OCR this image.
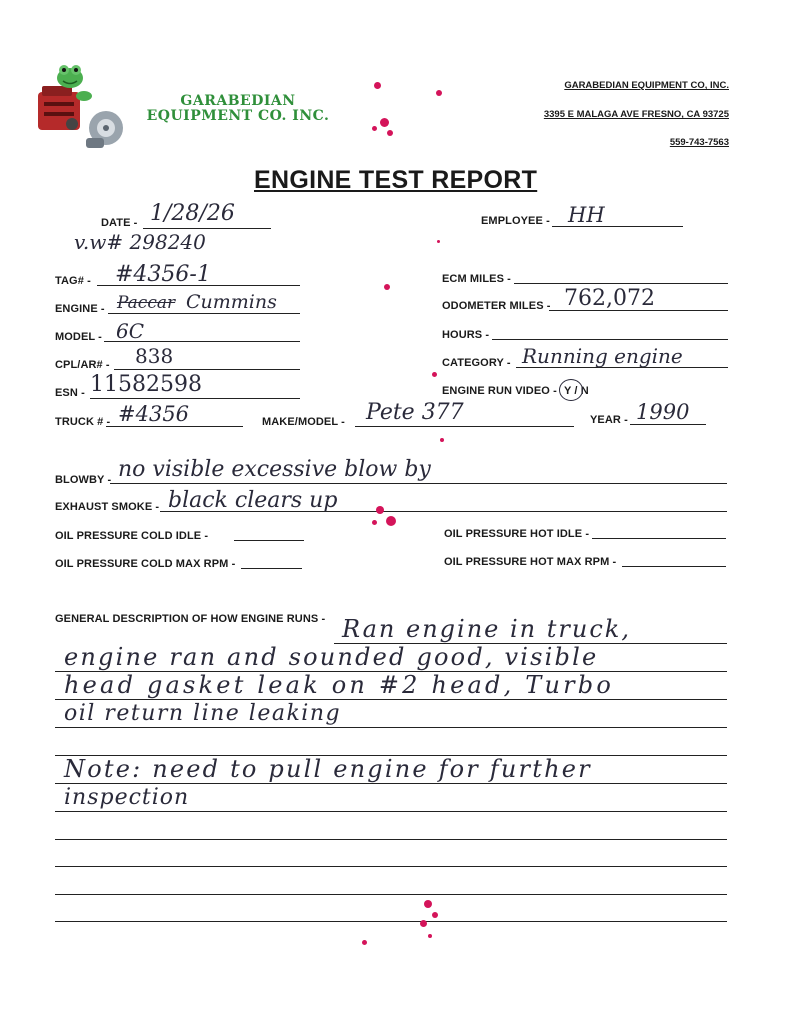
GARABEDIAN
EQUIPMENT CO. INC.
GARABEDIAN EQUIPMENT CO, INC.
3395 E MALAGA AVE FRESNO, CA 93725
559-743-7563
ENGINE TEST REPORT
DATE - 1/28/26
v.w# 298240
EMPLOYEE - HH
TAG# - #4356-1	ECM MILES -
ENGINE - Paccar Cummins	ODOMETER MILES - 762,072
MODEL - 6C	HOURS -
CPL/AR# - 838	CATEGORY - Running engine
ESN - 11582598	ENGINE RUN VIDEO - Y / N
TRUCK # - #4356	MAKE/MODEL - Pete 377	YEAR - 1990
BLOWBY - no visible excessive blow by
EXHAUST SMOKE - black clears up
OIL PRESSURE COLD IDLE -	OIL PRESSURE HOT IDLE -
OIL PRESSURE COLD MAX RPM -	OIL PRESSURE HOT MAX RPM -
GENERAL DESCRIPTION OF HOW ENGINE RUNS - Ran engine in truck,
engine ran and sounded good, visible
head gasket leak on #2 head, Turbo
oil return line leaking
Note: need to pull engine for further
inspection
